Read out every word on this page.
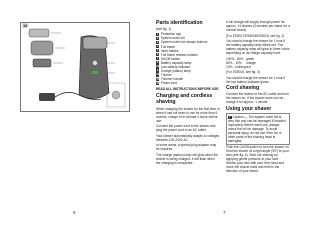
16
6
Parts identification
(see fig. 1)
1 Protective cap
2 System outer foil
3 System outer foil release buttons
4 Foil frame
5 Inner blades
6 Foil frame release buttons
7 On/Off switch
8 Battery capacity lamp
8a Low battery indicator
9 Charge (status) lamp
10 Thinner
11 Trimmer handle
12 Power cord
READ ALL INSTRUCTIONS BEFORE USE.
Charging and cordless shaving

When charging the shaver for the first time or when it has not been in use for more than 6 months, charge it for at least 4 hours before use.

Connect the power cord to the shaver and plug the power cord to an AC outlet.

Your shaver automatically adapts to voltages between 100-240V AC.

In some areas, a special plug adapter may be required.

The charge (status) lamp will glow when the shaver is being charged. It will flash when the charging is completed.

A full charge will supply enough power for approx. 14 shaves (3 minutes per shave for a normal beard).

(For ES8017/ES8018/ES8016, see fig. 2)

You should charge the shaver for 1 hour if the battery capacity lamp blinks red. The battery capacity lamp will glow in three colors depending on its charge capacity level.

100% - 80% green
80% - 10%	orange
10% - nothing red

(For ES8015, see fig. 3)

You should charge the shaver for 1 hour if the low battery indicator glows.

Cord shaving

Connect the shaver to the AC outlet and turn the shaver on. If the shaver does not run, charge it for approx. 1 minute.

Using your shaver
! Caution — The system outer foil is very thin and can be damaged if handled improperly. Before each use, always check the foil for damage. To avoid personal injury, do not use if the foil or other parts of the shaving head is damaged.

Push the On/Off switch to turn the shaver on. Hold the shaver at a right angle (90°) to your skin (see fig. 4). Start out shaving by applying gentle pressure to your face. Stretch your skin with your free hand and move the shaver back and forth in the direction of your beard.

7
